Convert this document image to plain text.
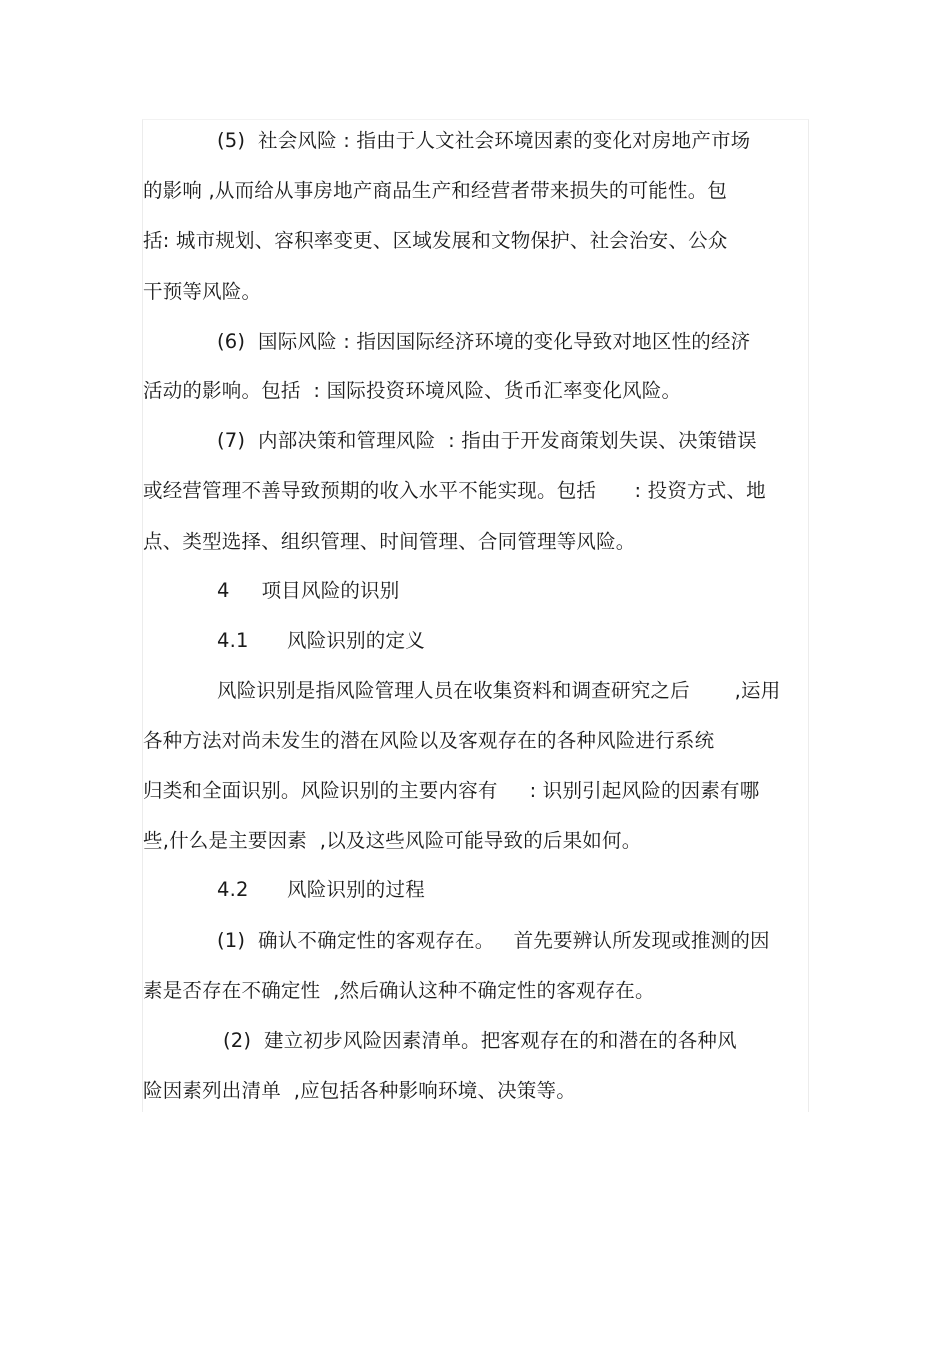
(5)  社会风险 : 指由于人文社会环境因素的变化对房地产市场
的影响 ,从而给从事房地产商品生产和经营者带来损失的可能性。包
括: 城市规划、容积率变更、区域发展和文物保护、社会治安、公众
干预等风险。
(6)  国际风险 : 指因国际经济环境的变化导致对地区性的经济
活动的影响。包括  : 国际投资环境风险、货币汇率变化风险。
(7)  内部决策和管理风险  : 指由于开发商策划失误、决策错误
或经营管理不善导致预期的收入水平不能实现。包括      : 投资方式、地
点、类型选择、组织管理、时间管理、合同管理等风险。
4     项目风险的识别
4.1      风险识别的定义
风险识别是指风险管理人员在收集资料和调查研究之后       ,运用
各种方法对尚未发生的潜在风险以及客观存在的各种风险进行系统
归类和全面识别。风险识别的主要内容有     : 识别引起风险的因素有哪
些,什么是主要因素  ,以及这些风险可能导致的后果如何。
4.2      风险识别的过程
(1)  确认不确定性的客观存在。   首先要辨认所发现或推测的因
素是否存在不确定性  ,然后确认这种不确定性的客观存在。
(2)  建立初步风险因素清单。把客观存在的和潜在的各种风
险因素列出清单  ,应包括各种影响环境、决策等。
